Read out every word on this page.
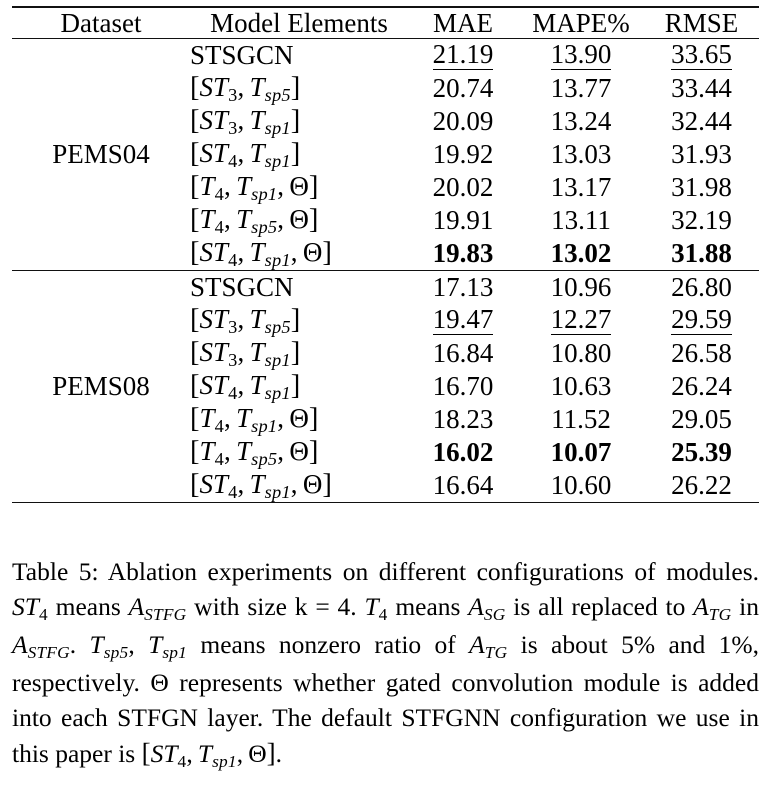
Dataset	Model Elements	MAE	MAPE%	RMSE
PEMS04	STSGCN	21.19	13.90	33.65
	[$ST_3$, $T_{sp5}$]	20.74	13.77	33.44
	[$ST_3$, $T_{sp1}$]	20.09	13.24	32.44
	[$ST_4$, $T_{sp1}$]	19.92	13.03	31.93
	[$T_4$, $T_{sp1}$, Θ]	20.02	13.17	31.98
	[$T_4$, $T_{sp5}$, Θ]	19.91	13.11	32.19
	[$ST_4$, $T_{sp1}$, Θ]	19.83	13.02	31.88
PEMS08	STSGCN	17.13	10.96	26.80
	[$ST_3$, $T_{sp5}$]	19.47	12.27	29.59
	[$ST_3$, $T_{sp1}$]	16.84	10.80	26.58
	[$ST_4$, $T_{sp1}$]	16.70	10.63	26.24
	[$T_4$, $T_{sp1}$, Θ]	18.23	11.52	29.05
	[$T_4$, $T_{sp5}$, Θ]	16.02	10.07	25.39
	[$ST_4$, $T_{sp1}$, Θ]	16.64	10.60	26.22

Table 5: Ablation experiments on different configurations of modules. $ST_4$ means $A_{STFG}$ with size k = 4. $T_4$ means $A_{SG}$ is all replaced to $A_{TG}$ in $A_{STFG}$. $T_{sp5}$, $T_{sp1}$ means nonzero ratio of $A_{TG}$ is about 5% and 1%, respectively. Θ represents whether gated convolution module is added into each STFGN layer. The default STFGNN configuration we use in this paper is [$ST_4$, $T_{sp1}$, Θ].
